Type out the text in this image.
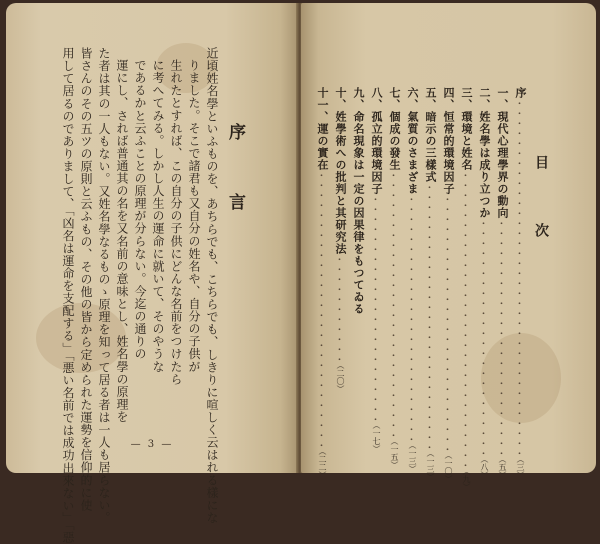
序　言
近頃姓名學といふものを、あちらでも、こちらでも、しきりに喧しく云はれる樣にな
りました。そこで諸君も又自分の姓名や、自分の子供が
生れたとすれば、この自分の子供にどんな名前をつけたら
に考へてみる。しかし人生の運命に就いて、そのやうな
であるかと云ふことの原理が分らない。今迄の通りの
運にし、されば普通其の名を又名前の意味とし、姓名學の原理を
た者は其の一人もない。又姓名學なるものゝ原理を知って居る者は一人も居らない。
皆さんのその五ツの原則と云ふもの、その他の皆から定められた運勢を信仰的に使
用して居るのでありまして、「凶名は運命を支配する」「悪い名前では成功出來ない」「惡	— 3 —
目　次
序・・・・・・・・・・・・・・・・・・・・・・・・・・・・・・・・・・・・（三）
一、現代心理學界の動向・・・・・・・・・・・・・・・・・・・・・・・・（五）
二、姓名學は成り立つか・・・・・・・・・・・・・・・・・・・・・・・・（八）
三、環境と姓名・・・・・・・・・・・・・・・・・・・・・・・・・・・・・・（九）
四、恒常的環境因子・・・・・・・・・・・・・・・・・・・・・・・・・・（一〇）
五、暗示の三樣式・・・・・・・・・・・・・・・・・・・・・・・・・・・（一三）
六、氣質のさまざま・・・・・・・・・・・・・・・・・・・・・・・・・（一三）
七、個成の發生・・・・・・・・・・・・・・・・・・・・・・・・・・・（一五）
八、孤立的環境因子・・・・・・・・・・・・・・・・・・・・・・・（一七）
九、命名現象は一定の因果律をもつてゐる
十、姓學術への批判と其研究法・・・・・・・・・・・（二〇）
十一、運の實在・・・・・・・・・・・・・・・・・・・・・・・・・・・・（二二）
